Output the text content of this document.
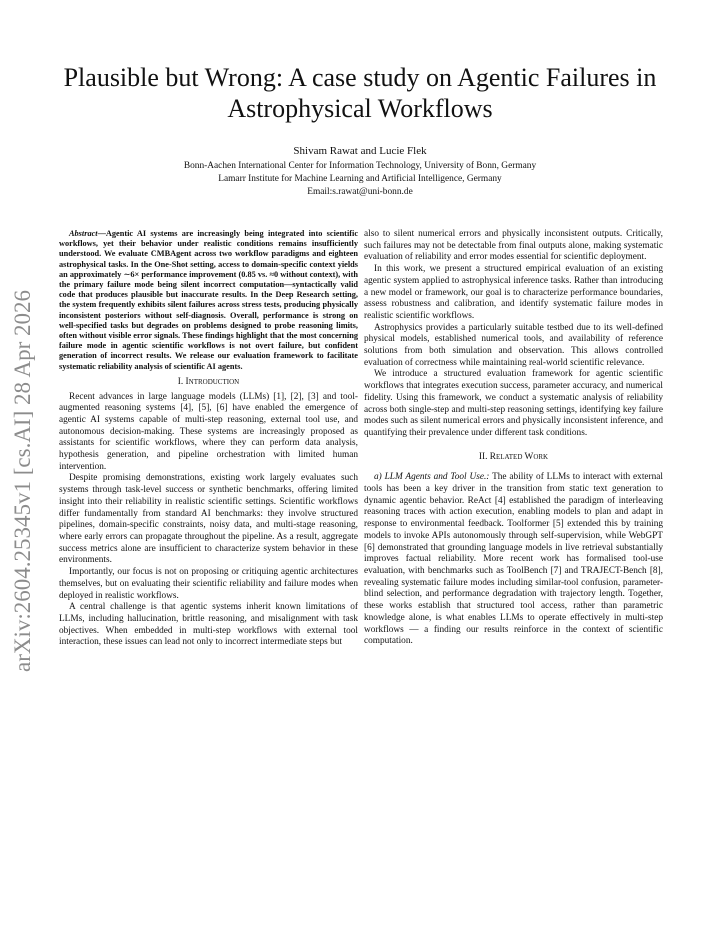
arXiv:2604.25345v1 [cs.AI] 28 Apr 2026
Plausible but Wrong: A case study on Agentic Failures in Astrophysical Workflows
Shivam Rawat and Lucie Flek
Bonn-Aachen International Center for Information Technology, University of Bonn, Germany
Lamarr Institute for Machine Learning and Artificial Intelligence, Germany
Email:s.rawat@uni-bonn.de

Abstract—Agentic AI systems are increasingly being integrated into scientific workflows, yet their behavior under realistic conditions remains insufficiently understood. We evaluate CMBAgent across two workflow paradigms and eighteen astrophysical tasks. In the One-Shot setting, access to domain-specific context yields an approximately ∼6× performance improvement (0.85 vs. ≈0 without context), with the primary failure mode being silent incorrect computation—syntactically valid code that produces plausible but inaccurate results. In the Deep Research setting, the system frequently exhibits silent failures across stress tests, producing physically inconsistent posteriors without self-diagnosis. Overall, performance is strong on well-specified tasks but degrades on problems designed to probe reasoning limits, often without visible error signals. These findings highlight that the most concerning failure mode in agentic scientific workflows is not overt failure, but confident generation of incorrect results. We release our evaluation framework to facilitate systematic reliability analysis of scientific AI agents.

I. Introduction

Recent advances in large language models (LLMs) [1], [2], [3] and tool-augmented reasoning systems [4], [5], [6] have enabled the emergence of agentic AI systems capable of multi-step reasoning, external tool use, and autonomous decision-making. These systems are increasingly proposed as assistants for scientific workflows, where they can perform data analysis, hypothesis generation, and pipeline orchestration with limited human intervention.

Despite promising demonstrations, existing work largely evaluates such systems through task-level success or synthetic benchmarks, offering limited insight into their reliability in realistic scientific settings. Scientific workflows differ fundamentally from standard AI benchmarks: they involve structured pipelines, domain-specific constraints, noisy data, and multi-stage reasoning, where early errors can propagate throughout the pipeline. As a result, aggregate success metrics alone are insufficient to characterize system behavior in these environments.

Importantly, our focus is not on proposing or critiquing agentic architectures themselves, but on evaluating their scientific reliability and failure modes when deployed in realistic workflows.

A central challenge is that agentic systems inherit known limitations of LLMs, including hallucination, brittle reasoning, and misalignment with task objectives. When embedded in multi-step workflows with external tool interaction, these issues can lead not only to incorrect intermediate steps but

also to silent numerical errors and physically inconsistent outputs. Critically, such failures may not be detectable from final outputs alone, making systematic evaluation of reliability and error modes essential for scientific deployment.

In this work, we present a structured empirical evaluation of an existing agentic system applied to astrophysical inference tasks. Rather than introducing a new model or framework, our goal is to characterize performance boundaries, assess robustness and calibration, and identify systematic failure modes in realistic scientific workflows.

Astrophysics provides a particularly suitable testbed due to its well-defined physical models, established numerical tools, and availability of reference solutions from both simulation and observation. This allows controlled evaluation of correctness while maintaining real-world scientific relevance.

We introduce a structured evaluation framework for agentic scientific workflows that integrates execution success, parameter accuracy, and numerical fidelity. Using this framework, we conduct a systematic analysis of reliability across both single-step and multi-step reasoning settings, identifying key failure modes such as silent numerical errors and physically inconsistent inference, and quantifying their prevalence under different task conditions.

II. Related Work

a) LLM Agents and Tool Use.: The ability of LLMs to interact with external tools has been a key driver in the transition from static text generation to dynamic agentic behavior. ReAct [4] established the paradigm of interleaving reasoning traces with action execution, enabling models to plan and adapt in response to environmental feedback. Toolformer [5] extended this by training models to invoke APIs autonomously through self-supervision, while WebGPT [6] demonstrated that grounding language models in live retrieval substantially improves factual reliability. More recent work has formalised tool-use evaluation, with benchmarks such as ToolBench [7] and TRAJECT-Bench [8], revealing systematic failure modes including similar-tool confusion, parameter-blind selection, and performance degradation with trajectory length. Together, these works establish that structured tool access, rather than parametric knowledge alone, is what enables LLMs to operate effectively in multi-step workflows — a finding our results reinforce in the context of scientific computation.
